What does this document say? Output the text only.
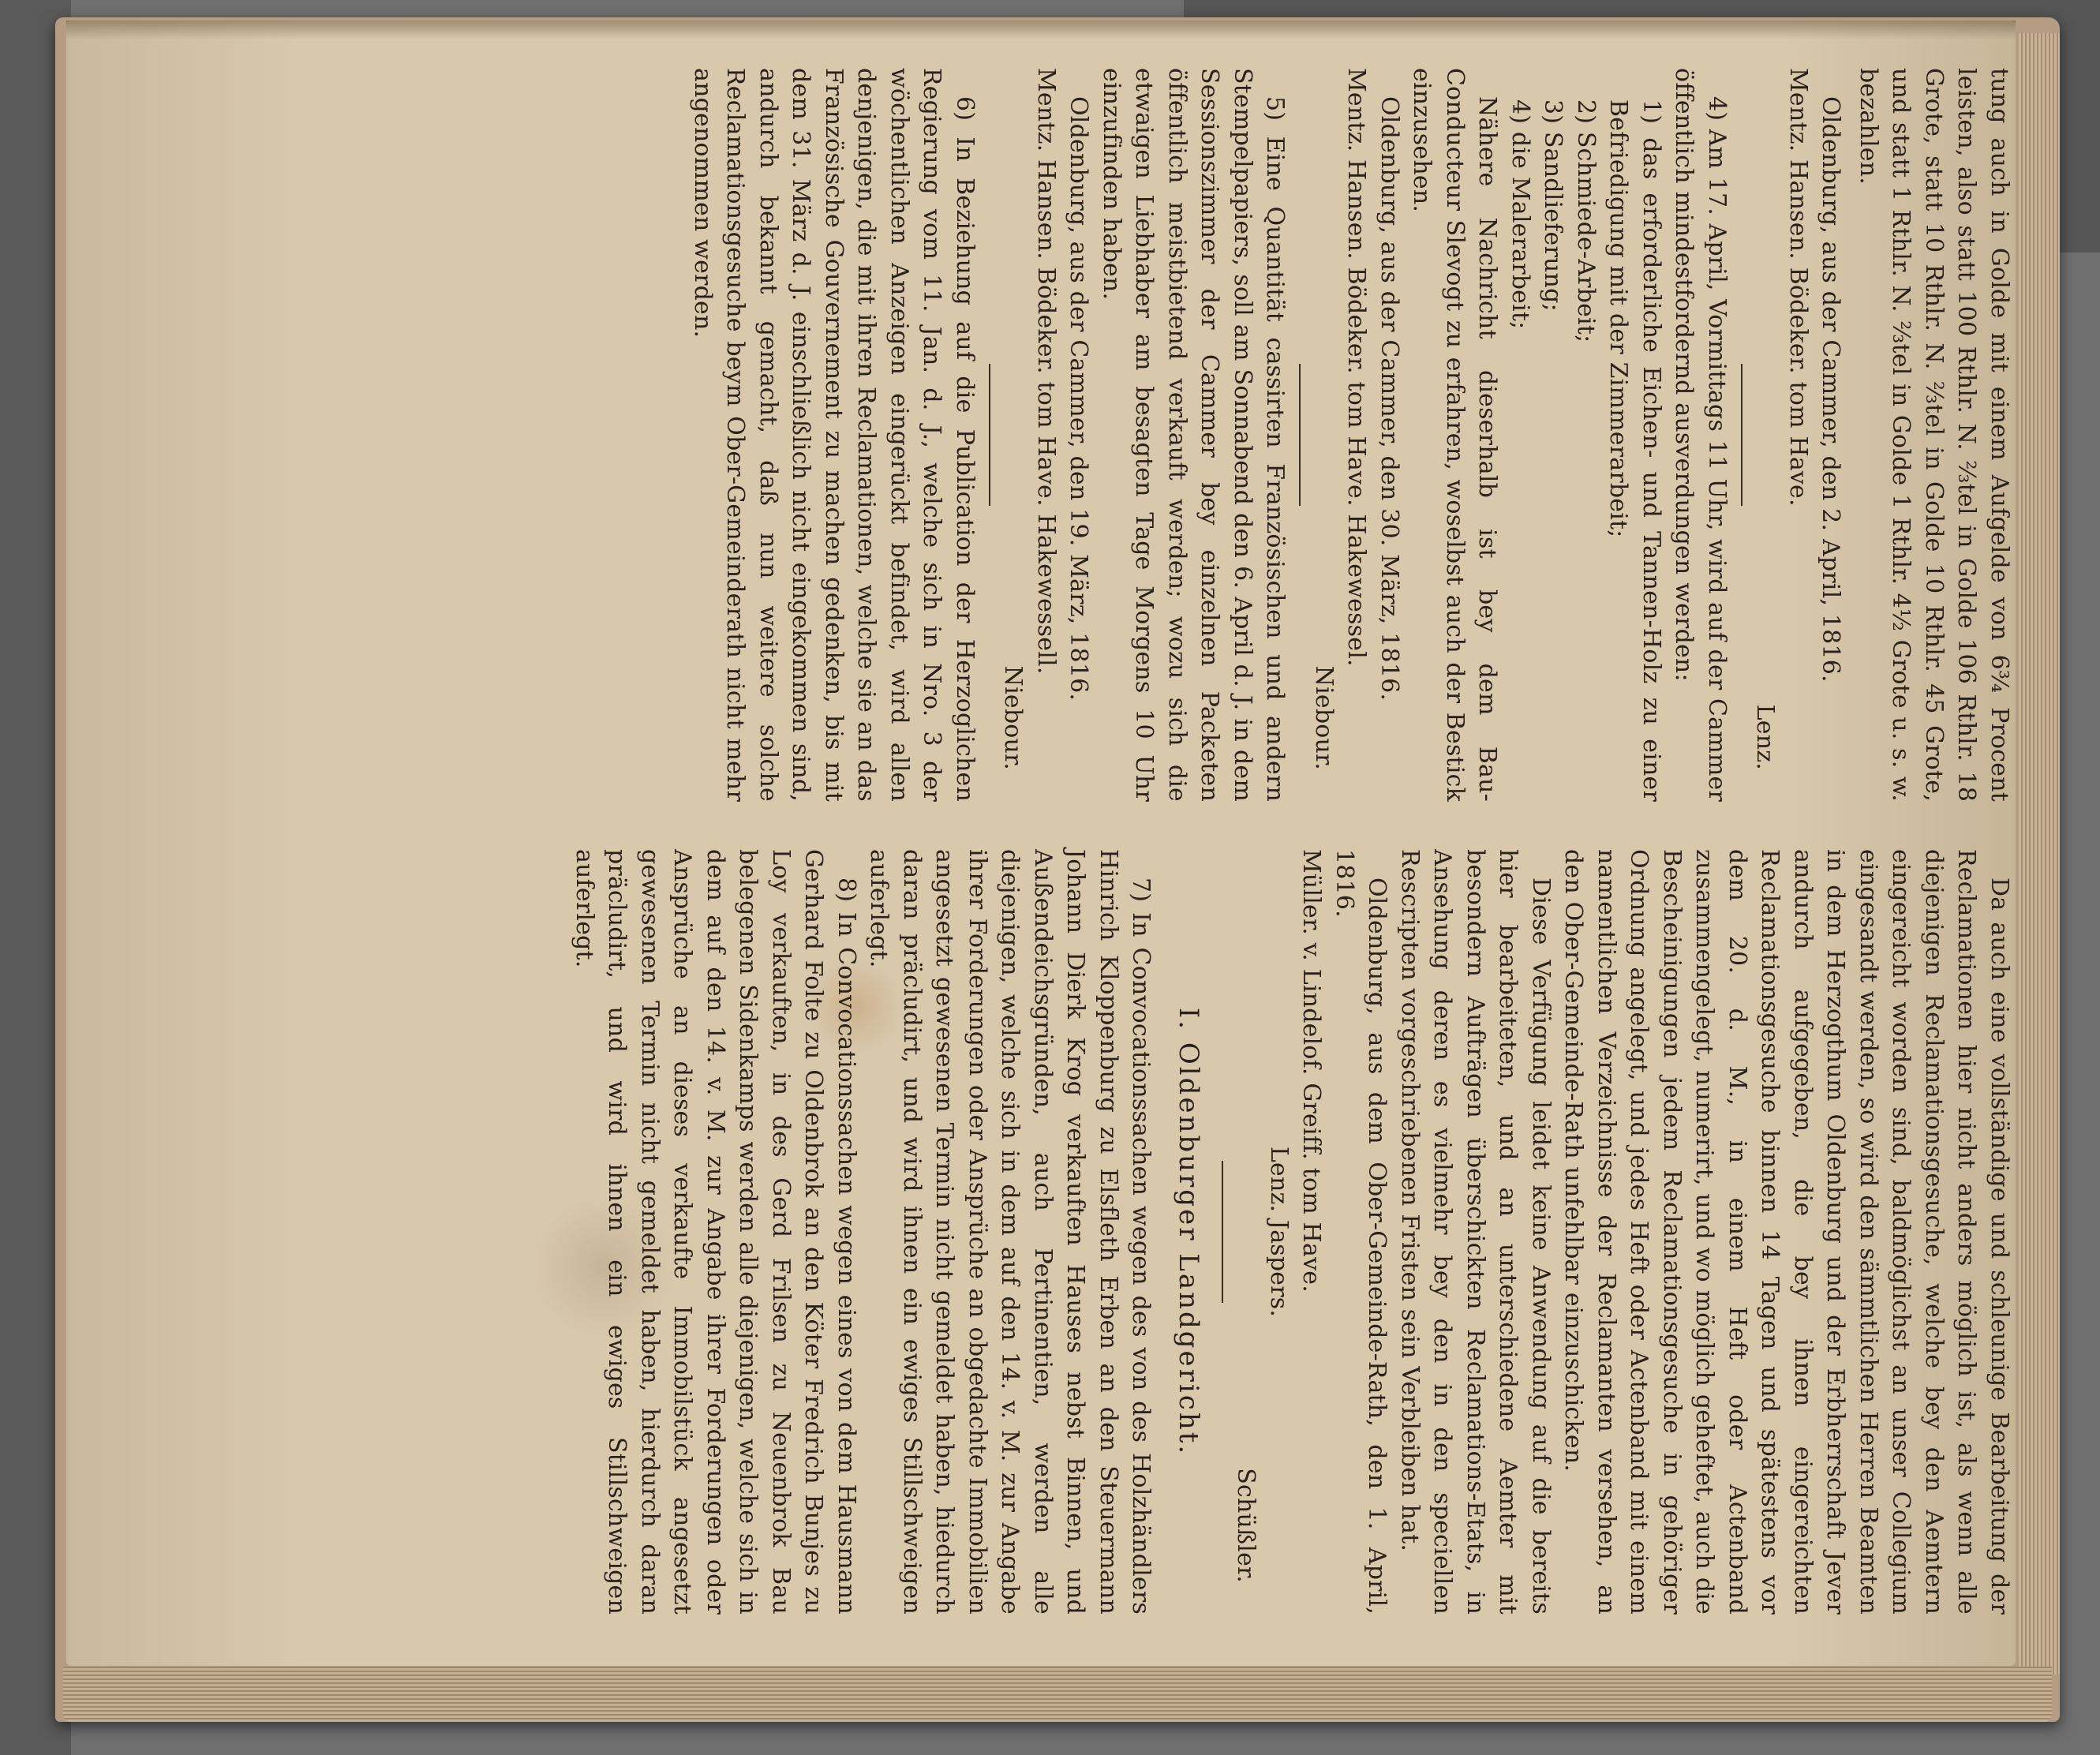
tung auch in Golde mit einem Aufgelde von 6¾ Procent leisten, also statt 100 Rthlr. N. ⅔tel in Golde 106 Rthlr. 18 Grote, statt 10 Rthlr. N. ⅔tel in Golde 10 Rthlr. 45 Grote, und statt 1 Rthlr. N. ⅔tel in Golde 1 Rthlr. 4½ Grote u. s. w. bezahlen.

Oldenburg, aus der Cammer, den 2. April, 1816.

Mentz. Hansen. Bödeker. tom Have.

Lenz.

4) Am 17. April, Vormittags 11 Uhr, wird auf der Cammer öffentlich mindestfordernd ausverdungen werden:

1) das erforderliche Eichen- und Tannen-Holz zu einer Befriedigung mit der Zimmerarbeit;

2) Schmiede-Arbeit;

3) Sandlieferung;

4) die Malerarbeit;

Nähere Nachricht dieserhalb ist bey dem Bau-Conducteur Slevogt zu erfahren, woselbst auch der Bestick einzusehen.

Oldenburg, aus der Cammer, den 30. März, 1816.

Mentz. Hansen. Bödeker. tom Have. Hakewessel.

Niebour.

5) Eine Quantität cassirten Französischen und andern Stempelpapiers, soll am Sonnabend den 6. April d. J. in dem Sessionszimmer der Cammer bey einzelnen Packeten öffentlich meistbietend verkauft werden; wozu sich die etwaigen Liebhaber am besagten Tage Morgens 10 Uhr einzufinden haben.

Oldenburg, aus der Cammer, den 19. März, 1816.

Mentz. Hansen. Bödeker. tom Have. Hakewessell.

Niebour.

6) In Beziehung auf die Publication der Herzoglichen Regierung vom 11. Jan. d. J., welche sich in Nro. 3 der wöchentlichen Anzeigen eingerückt befindet, wird allen denjenigen, die mit ihren Reclamationen, welche sie an das Französische Gouvernement zu machen gedenken, bis mit dem 31. März d. J. einschließlich nicht eingekommen sind, andurch bekannt gemacht, daß nun weitere solche Reclamationsgesuche beym Ober-Gemeinderath nicht mehr angenommen werden.

Da auch eine vollständige und schleunige Bearbeitung der Reclamationen hier nicht anders möglich ist, als wenn alle diejenigen Reclamationsgesuche, welche bey den Aemtern eingereicht worden sind, baldmöglichst an unser Collegium eingesandt werden, so wird den sämmtlichen Herren Beamten in dem Herzogthum Oldenburg und der Erbherrschaft Jever andurch aufgegeben, die bey ihnen eingereichten Reclamationsgesuche binnen 14 Tagen und spätestens vor dem 20. d. M., in einem Heft oder Actenband zusammengelegt, numerirt, und wo möglich geheftet, auch die Bescheinigungen jedem Reclamationsgesuche in gehöriger Ordnung angelegt, und jedes Heft oder Actenband mit einem namentlichen Verzeichnisse der Reclamanten versehen, an den Ober-Gemeinde-Rath unfehlbar einzuschicken.

Diese Verfügung leidet keine Anwendung auf die bereits hier bearbeiteten, und an unterschiedene Aemter mit besondern Aufträgen überschickten Reclamations-Etats, in Ansehung deren es vielmehr bey den in den speciellen Rescripten vorgeschriebenen Fristen sein Verbleiben hat.

Oldenburg, aus dem Ober-Gemeinde-Rath, den 1. April, 1816.

Müller. v. Lindelof. Greiff. tom Have.

Lenz. Jaspers.

Schüßler.

I. Oldenburger Landgericht.

7) In Convocationssachen wegen des von des Holzhändlers Hinrich Kloppenburg zu Elsfleth Erben an den Steuermann Johann Dierk Krog verkauften Hauses nebst Binnen, und Außendeichsgründen, auch Pertinentien, werden alle diejenigen, welche sich in dem auf den 14. v. M. zur Angabe ihrer Forderungen oder Ansprüche an obgedachte Immobilien angesetzt gewesenen Termin nicht gemeldet haben, hiedurch daran präcludirt, und wird ihnen ein ewiges Stillschweigen auferlegt.

8) In Convocationssachen wegen eines von dem Hausmann Gerhard Folte zu Oldenbrok an den Köter Fredrich Bunjes zu Loy verkauften, in des Gerd Frilsen zu Neuenbrok Bau belegenen Sidenkamps werden alle diejenigen, welche sich in dem auf den 14. v. M. zur Angabe ihrer Forderungen oder Ansprüche an dieses verkaufte Immobilstück angesetzt gewesenen Termin nicht gemeldet haben, hierdurch daran präcludirt, und wird ihnen ein ewiges Stillschweigen auferlegt.
